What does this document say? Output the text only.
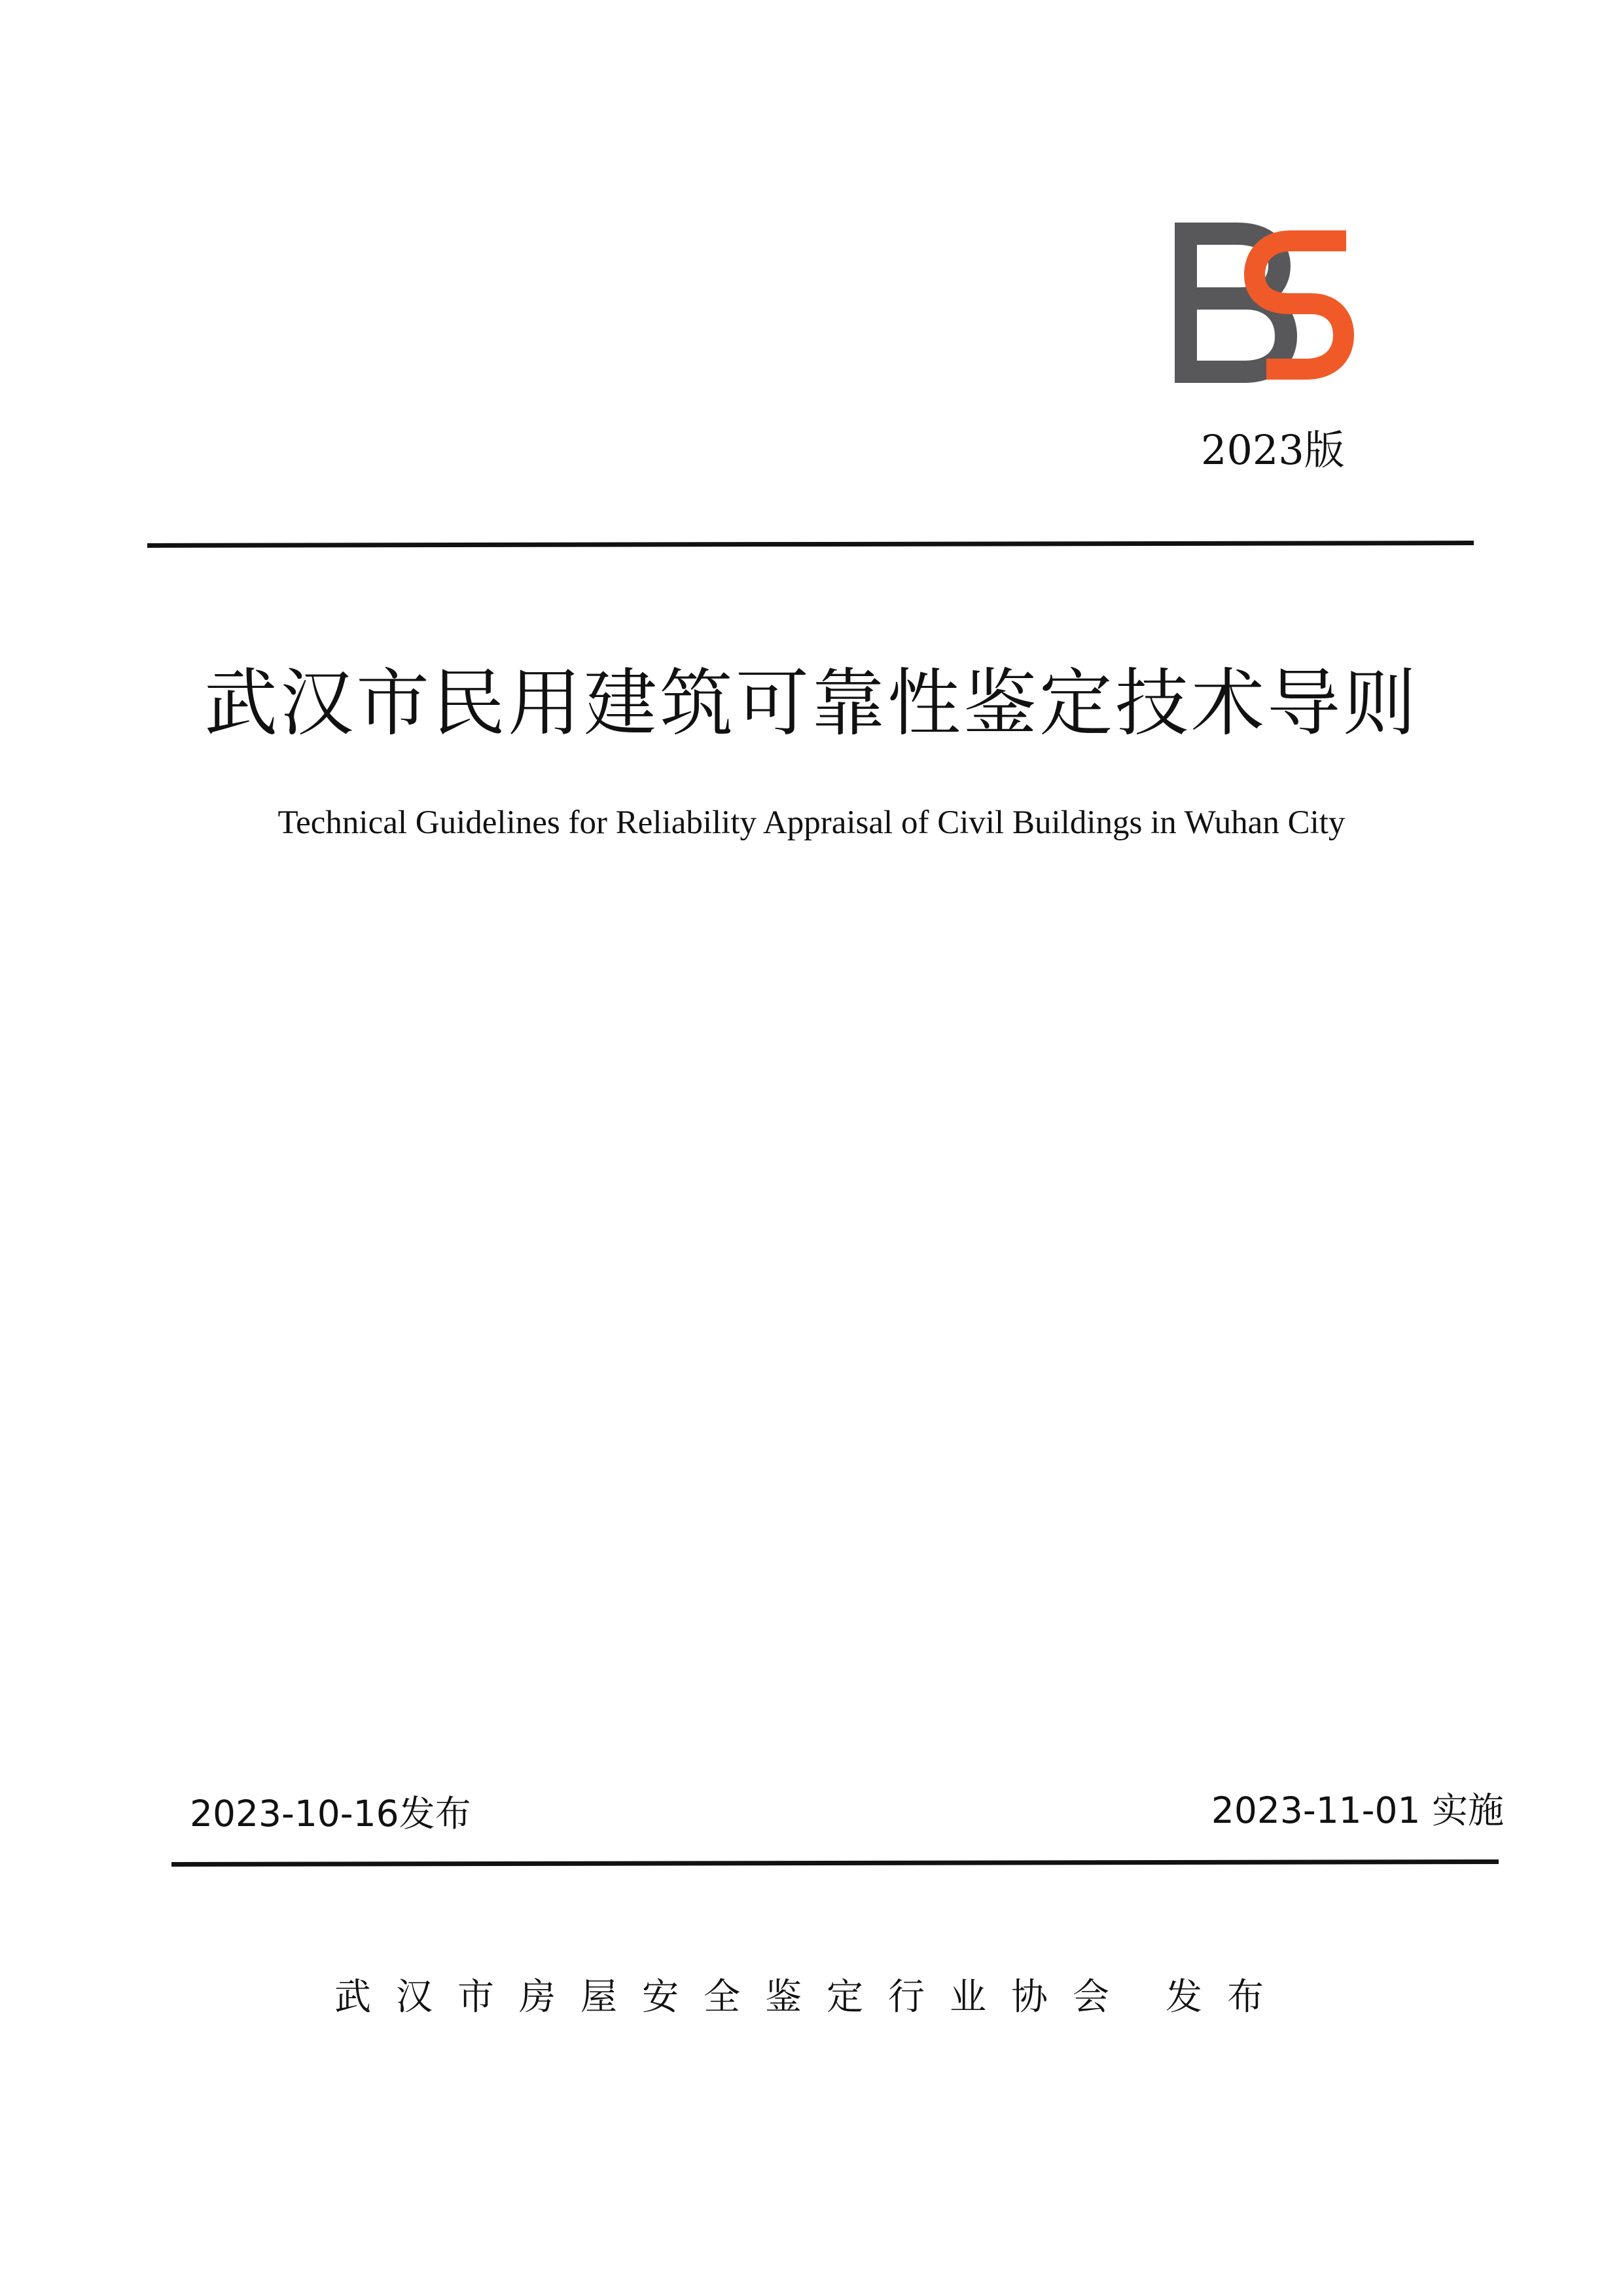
2023版
武汉市民用建筑可靠性鉴定技术导则
Technical Guidelines for Reliability Appraisal of Civil Buildings in Wuhan City
2023-10-16发布	2023-11-01 实施
武汉市房屋安全鉴定行业协会 发布
